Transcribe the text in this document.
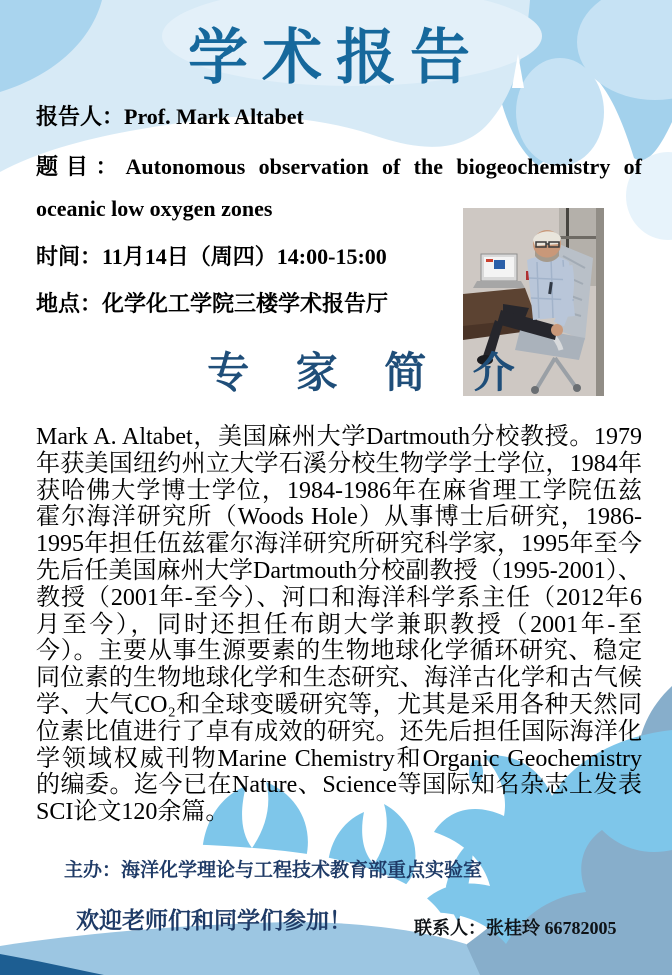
学术报告
报告人：Prof. Mark Altabet
题目：Autonomous observation of the biogeochemistry of
oceanic low oxygen zones
时间：11月14日（周四）14:00-15:00
地点：化学化工学院三楼学术报告厅
专 家 简 介
Mark A. Altabet，美国麻州大学Dartmouth分校教授。1979年获美国纽约州立大学石溪分校生物学学士学位，1984年获哈佛大学博士学位，1984-1986年在麻省理工学院伍兹霍尔海洋研究所（Woods Hole）从事博士后研究，1986-1995年担任伍兹霍尔海洋研究所研究科学家，1995年至今先后任美国麻州大学Dartmouth分校副教授（1995-2001）、教授（2001年-至今）、河口和海洋科学系主任（2012年6月至今），同时还担任布朗大学兼职教授（2001年-至今）。主要从事生源要素的生物地球化学循环研究、稳定同位素的生物地球化学和生态研究、海洋古化学和古气候学、大气CO₂和全球变暖研究等，尤其是采用各种天然同位素比值进行了卓有成效的研究。还先后担任国际海洋化学领域权威刊物Marine Chemistry和Organic Geochemistry的编委。迄今已在Nature、Science等国际知名杂志上发表SCI论文120余篇。
主办：海洋化学理论与工程技术教育部重点实验室
欢迎老师们和同学们参加！	联系人：张桂玲 66782005
